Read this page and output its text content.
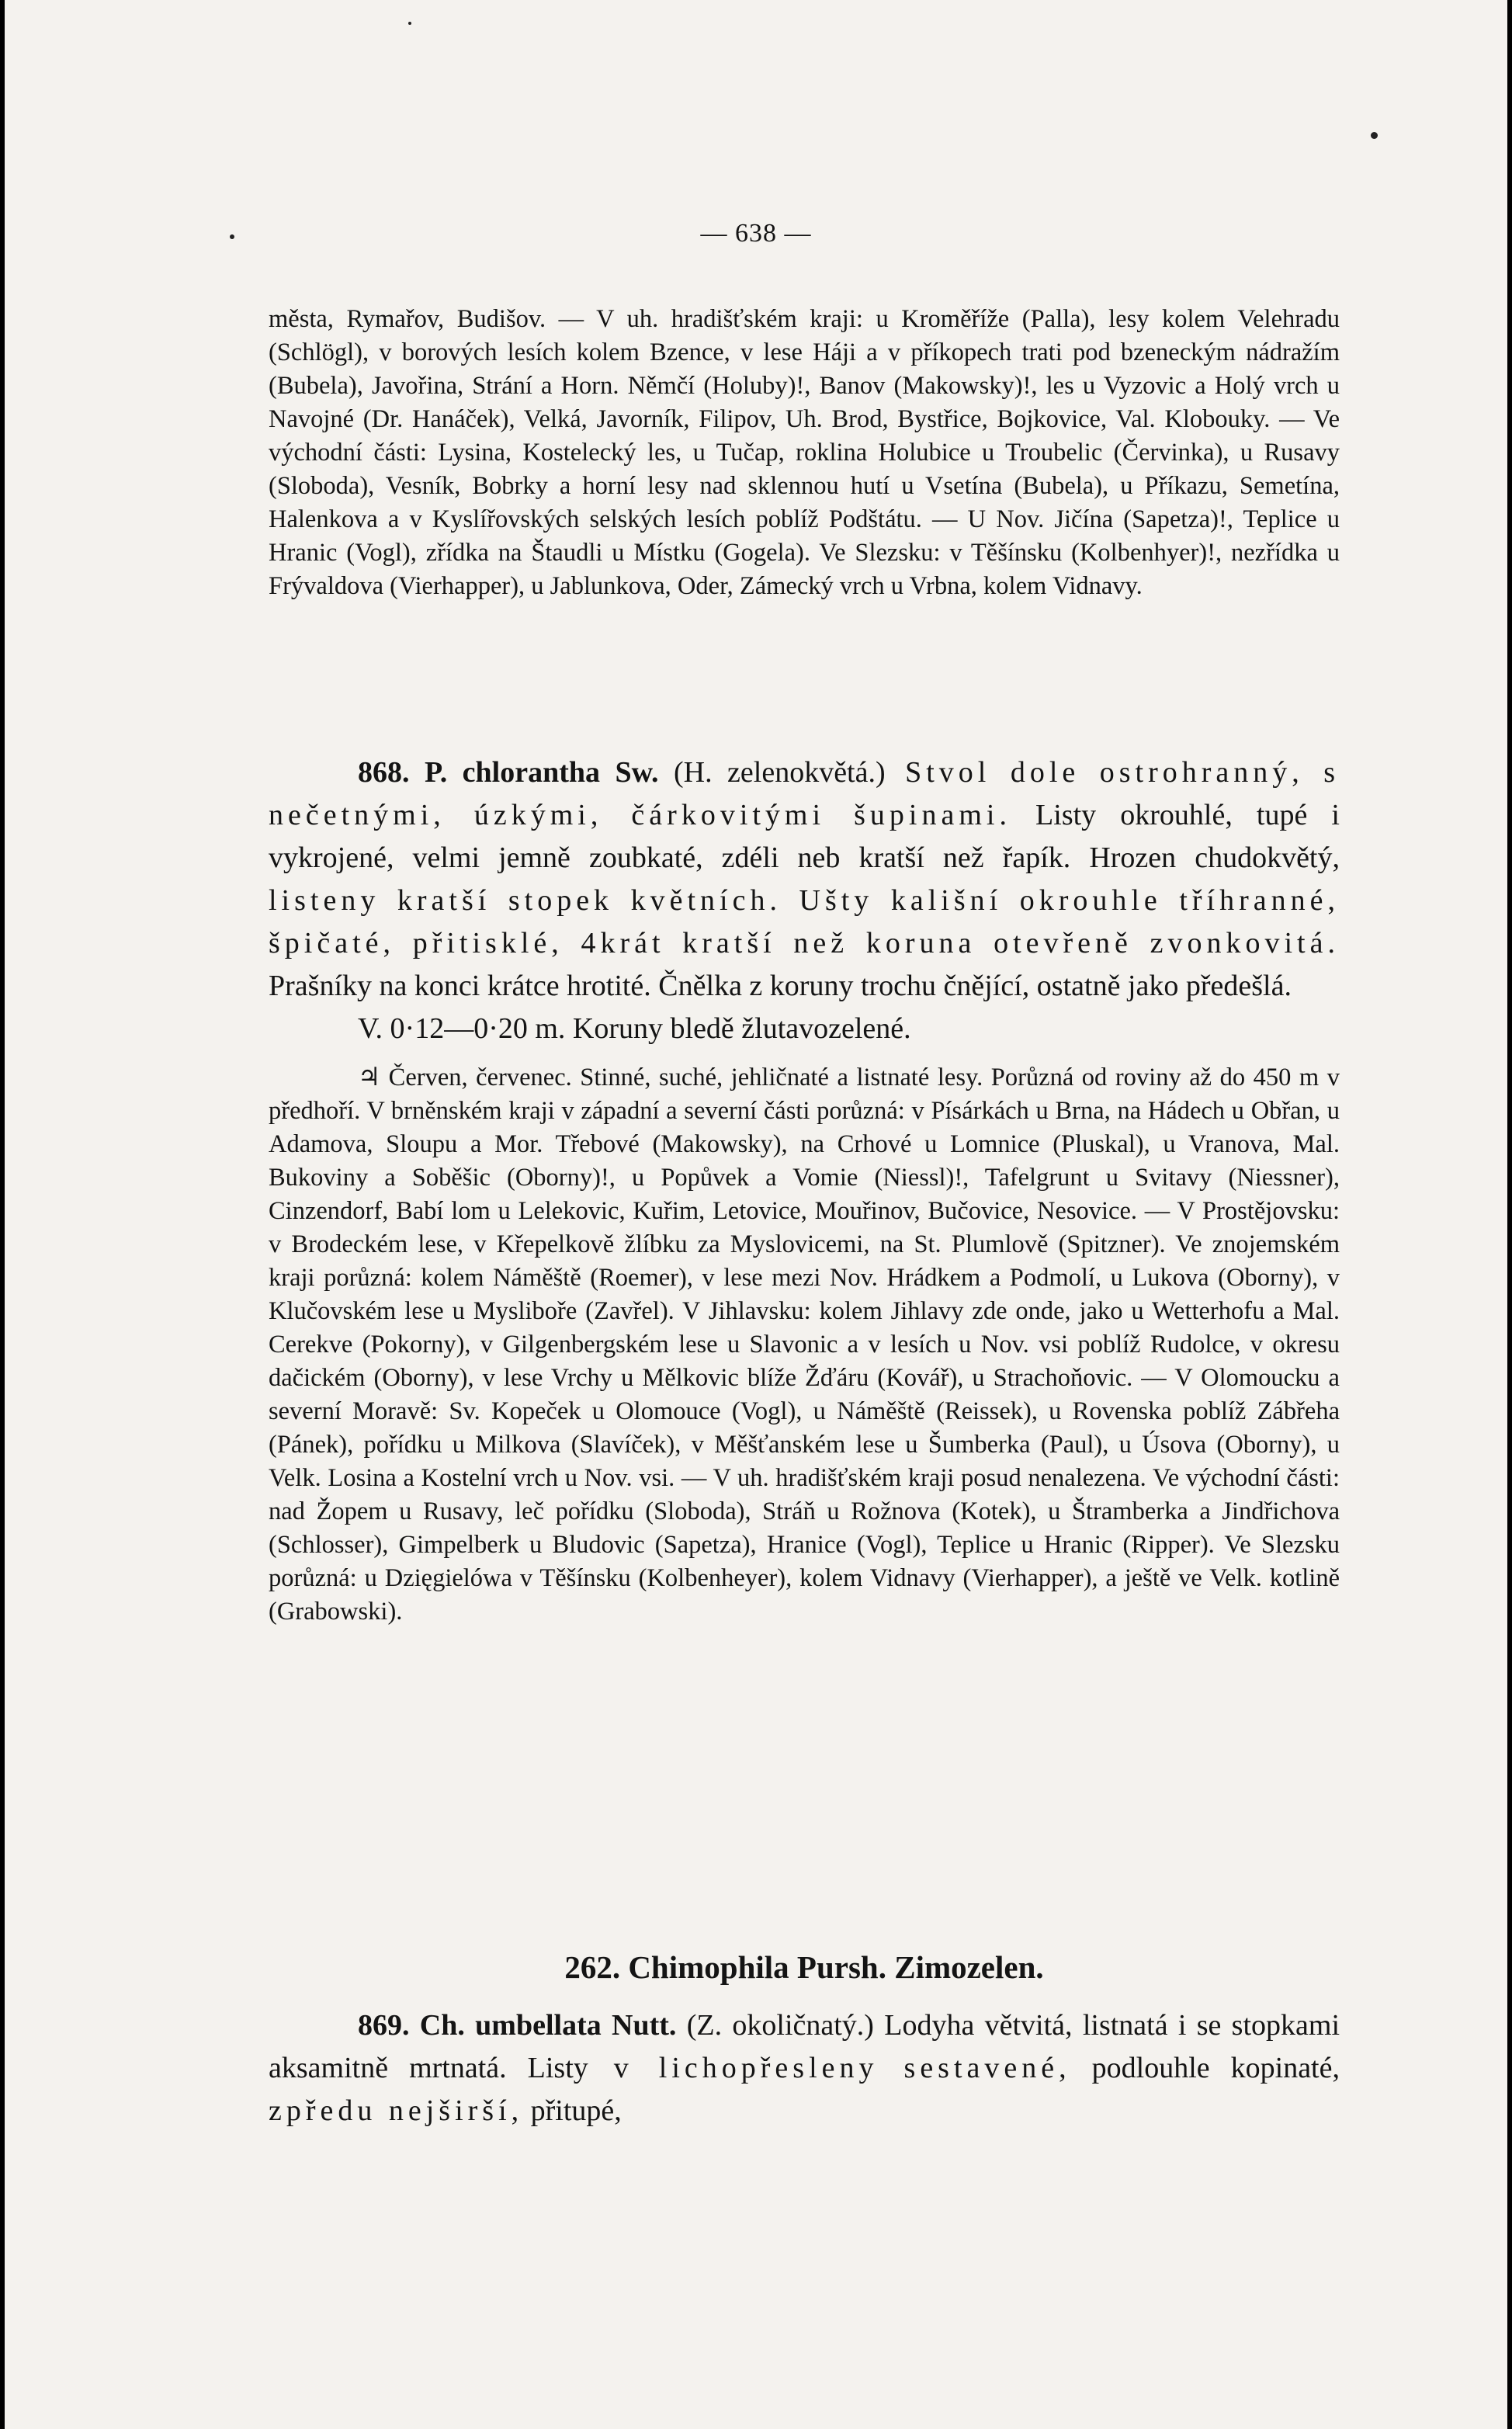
— 638 —

města, Rymařov, Budišov. — V uh. hradišťském kraji: u Kroměříže (Palla), lesy kolem Velehradu (Schlögl), v borových lesích kolem Bzence, v lese Háji a v příkopech trati pod bzeneckým nádražím (Bubela), Javořina, Strání a Horn. Němčí (Holuby)!, Banov (Makowsky)!, les u Vyzovic a Holý vrch u Navojné (Dr. Hanáček), Velká, Javorník, Filipov, Uh. Brod, Bystřice, Bojkovice, Val. Klobouky. — Ve východní části: Lysina, Kostelecký les, u Tučap, roklina Holubice u Troubelic (Červinka), u Rusavy (Sloboda), Vesník, Bobrky a horní lesy nad sklennou hutí u Vsetína (Bubela), u Příkazu, Semetína, Halenkova a v Kyslířovských selských lesích poblíž Podštátu. — U Nov. Jičína (Sapetza)!, Teplice u Hranic (Vogl), zřídka na Štaudli u Místku (Gogela). Ve Slezsku: v Těšínsku (Kolbenhyer)!, nezřídka u Frývaldova (Vierhapper), u Jablunkova, Oder, Zámecký vrch u Vrbna, kolem Vidnavy.

868. P. chlorantha Sw. (H. zelenokvětá.) Stvol dole ostrohranný, s nečetnými, úzkými, čárkovitými šupinami. Listy okrouhlé, tupé i vykrojené, velmi jemně zoubkaté, zdéli neb kratší než řapík. Hrozen chudokvětý, listeny kratší stopek květních. Ušty kališní okrouhle tříhranné, špičaté, přitisklé, 4krát kratší než koruna otevřeně zvonkovitá. Prašníky na konci krátce hrotité. Čnělka z koruny trochu čnějící, ostatně jako předešlá.

V. 0·12—0·20 m. Koruny bledě žlutavozelené.

♃ Červen, červenec. Stinné, suché, jehličnaté a listnaté lesy. Porůzná od roviny až do 450 m v předhoří. V brněnském kraji v západní a severní části porůzná: v Písárkách u Brna, na Hádech u Obřan, u Adamova, Sloupu a Mor. Třebové (Makowsky), na Crhové u Lomnice (Pluskal), u Vranova, Mal. Bukoviny a Soběšic (Oborny)!, u Popůvek a Vomie (Niessl)!, Tafelgrunt u Svitavy (Niessner), Cinzendorf, Babí lom u Lelekovic, Kuřim, Letovice, Mouřinov, Bučovice, Nesovice. — V Prostějovsku: v Brodeckém lese, v Křepelkově žlíbku za Myslovicemi, na St. Plumlově (Spitzner). Ve znojemském kraji porůzná: kolem Náměště (Roemer), v lese mezi Nov. Hrádkem a Podmolí, u Lukova (Oborny), v Klučovském lese u Mysliboře (Zavřel). V Jihlavsku: kolem Jihlavy zde onde, jako u Wetterhofu a Mal. Cerekve (Pokorny), v Gilgenbergském lese u Slavonic a v lesích u Nov. vsi poblíž Rudolce, v okresu dačickém (Oborny), v lese Vrchy u Mělkovic blíže Žďáru (Kovář), u Strachoňovic. — V Olomoucku a severní Moravě: Sv. Kopeček u Olomouce (Vogl), u Náměště (Reissek), u Rovenska poblíž Zábřeha (Pánek), pořídku u Milkova (Slavíček), v Měšťanském lese u Šumberka (Paul), u Úsova (Oborny), u Velk. Losina a Kostelní vrch u Nov. vsi. — V uh. hradišťském kraji posud nenalezena. Ve východní části: nad Žopem u Rusavy, leč pořídku (Sloboda), Stráň u Rožnova (Kotek), u Štramberka a Jindřichova (Schlosser), Gimpelberk u Bludovic (Sapetza), Hranice (Vogl), Teplice u Hranic (Ripper). Ve Slezsku porůzná: u Dzięgielówa v Těšínsku (Kolbenheyer), kolem Vidnavy (Vierhapper), a ještě ve Velk. kotlině (Grabowski).

262. Chimophila Pursh. Zimozelen.

869. Ch. umbellata Nutt. (Z. okoličnatý.) Lodyha větvitá, listnatá i se stopkami aksamitně mrtnatá. Listy v lichopřesleny sestavené, podlouhle kopinaté, zpředu nejširší, přitupé,
